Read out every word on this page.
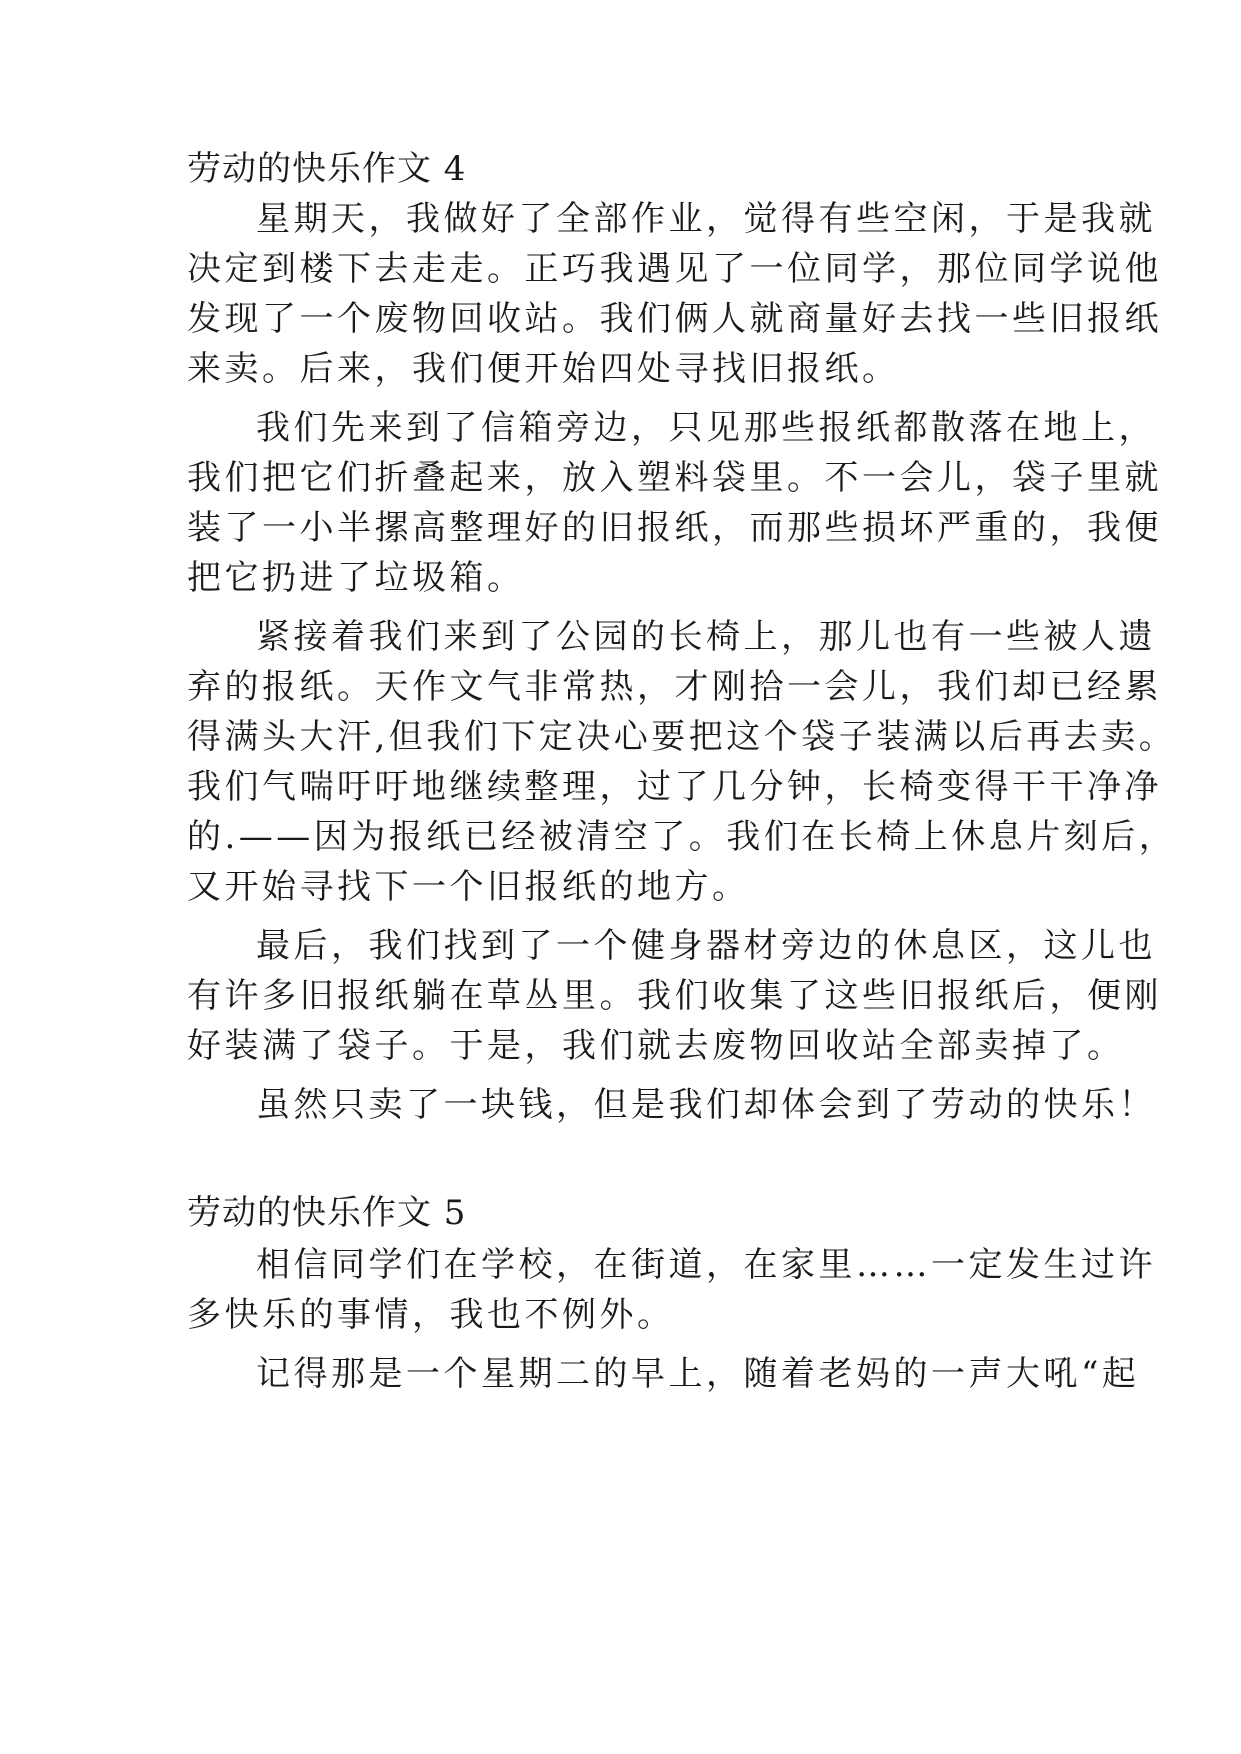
劳动的快乐作文 4
星期天，我做好了全部作业，觉得有些空闲，于是我就
决定到楼下去走走。正巧我遇见了一位同学，那位同学说他
发现了一个废物回收站。我们俩人就商量好去找一些旧报纸
来卖。后来，我们便开始四处寻找旧报纸。
我们先来到了信箱旁边，只见那些报纸都散落在地上，
我们把它们折叠起来，放入塑料袋里。不一会儿，袋子里就
装了一小半摞高整理好的旧报纸，而那些损坏严重的，我便
把它扔进了垃圾箱。
紧接着我们来到了公园的长椅上，那儿也有一些被人遗
弃的报纸。天作文气非常热，才刚拾一会儿，我们却已经累
得满头大汗,但我们下定决心要把这个袋子装满以后再去卖。
我们气喘吁吁地继续整理，过了几分钟，长椅变得干干净净
的.——因为报纸已经被清空了。我们在长椅上休息片刻后，
又开始寻找下一个旧报纸的地方。
最后，我们找到了一个健身器材旁边的休息区，这儿也
有许多旧报纸躺在草丛里。我们收集了这些旧报纸后，便刚
好装满了袋子。于是，我们就去废物回收站全部卖掉了。
虽然只卖了一块钱，但是我们却体会到了劳动的快乐！
劳动的快乐作文 5
相信同学们在学校，在街道，在家里……一定发生过许
多快乐的事情，我也不例外。
记得那是一个星期二的早上，随着老妈的一声大吼“起
